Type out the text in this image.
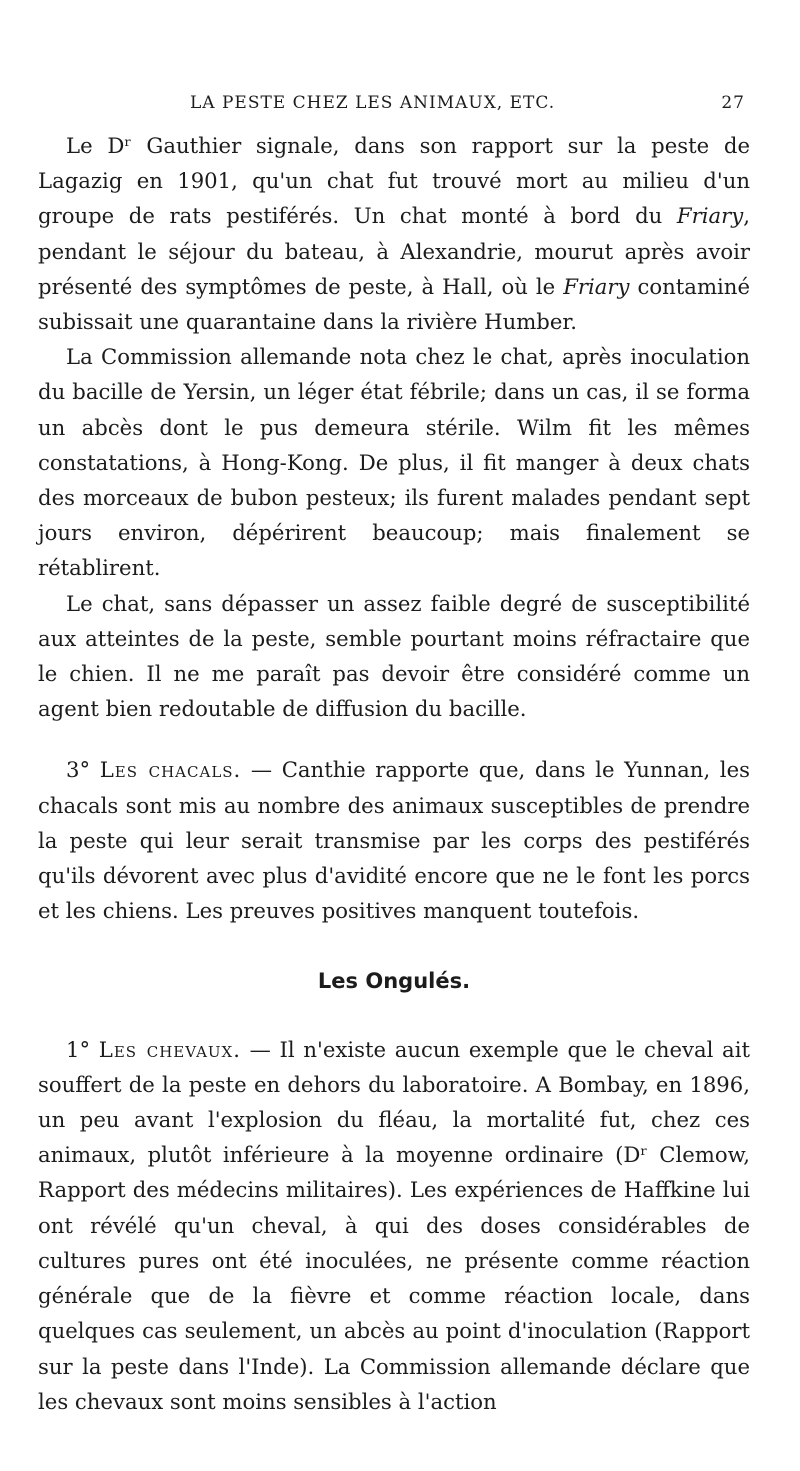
LA PESTE CHEZ LES ANIMAUX, ETC.	27

Le Dʳ Gauthier signale, dans son rapport sur la peste de Lagazig en 1901, qu'un chat fut trouvé mort au milieu d'un groupe de rats pestiférés. Un chat monté à bord du Friary, pendant le séjour du bateau, à Alexandrie, mourut après avoir présenté des symptômes de peste, à Hall, où le Friary contaminé subissait une quarantaine dans la rivière Humber.

La Commission allemande nota chez le chat, après inoculation du bacille de Yersin, un léger état fébrile; dans un cas, il se forma un abcès dont le pus demeura stérile. Wilm fit les mêmes constatations, à Hong-Kong. De plus, il fit manger à deux chats des morceaux de bubon pesteux; ils furent malades pendant sept jours environ, dépérirent beaucoup; mais finalement se rétablirent.

Le chat, sans dépasser un assez faible degré de susceptibilité aux atteintes de la peste, semble pourtant moins réfractaire que le chien. Il ne me paraît pas devoir être considéré comme un agent bien redoutable de diffusion du bacille.

3° Les chacals. — Canthie rapporte que, dans le Yunnan, les chacals sont mis au nombre des animaux susceptibles de prendre la peste qui leur serait transmise par les corps des pestiférés qu'ils dévorent avec plus d'avidité encore que ne le font les porcs et les chiens. Les preuves positives manquent toutefois.

Les Ongulés.

1° Les chevaux. — Il n'existe aucun exemple que le cheval ait souffert de la peste en dehors du laboratoire. A Bombay, en 1896, un peu avant l'explosion du fléau, la mortalité fut, chez ces animaux, plutôt inférieure à la moyenne ordinaire (Dʳ Clemow, Rapport des médecins militaires). Les expériences de Haffkine lui ont révélé qu'un cheval, à qui des doses considérables de cultures pures ont été inoculées, ne présente comme réaction générale que de la fièvre et comme réaction locale, dans quelques cas seulement, un abcès au point d'inoculation (Rapport sur la peste dans l'Inde). La Commission allemande déclare que les chevaux sont moins sensibles à l'action
